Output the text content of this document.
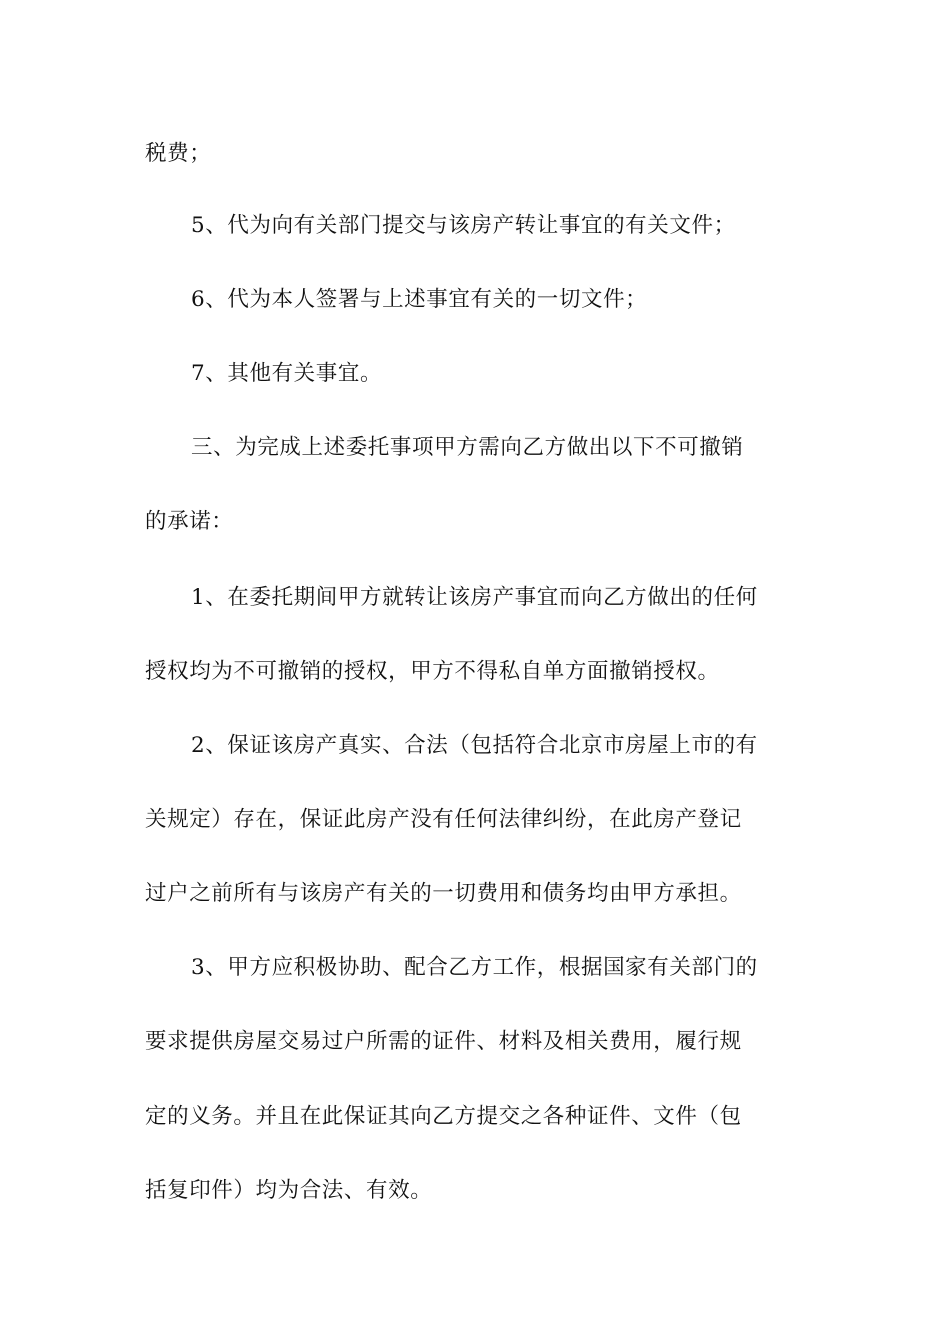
税费；
5、代为向有关部门提交与该房产转让事宜的有关文件；
6、代为本人签署与上述事宜有关的一切文件；
7、其他有关事宜。
三、为完成上述委托事项甲方需向乙方做出以下不可撤销
的承诺：
1、在委托期间甲方就转让该房产事宜而向乙方做出的任何
授权均为不可撤销的授权，甲方不得私自单方面撤销授权。
2、保证该房产真实、合法（包括符合北京市房屋上市的有
关规定）存在，保证此房产没有任何法律纠纷，在此房产登记
过户之前所有与该房产有关的一切费用和债务均由甲方承担。
3、甲方应积极协助、配合乙方工作，根据国家有关部门的
要求提供房屋交易过户所需的证件、材料及相关费用，履行规
定的义务。并且在此保证其向乙方提交之各种证件、文件（包
括复印件）均为合法、有效。
